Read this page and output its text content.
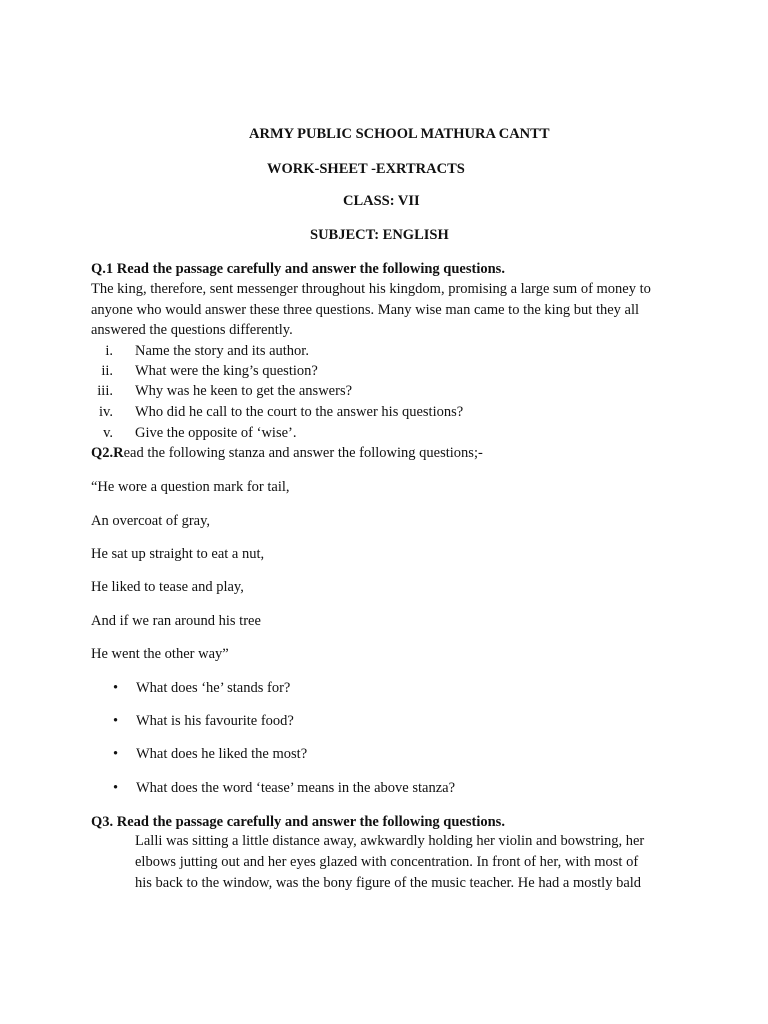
ARMY PUBLIC SCHOOL MATHURA CANTT
WORK-SHEET -EXRTRACTS
CLASS: VII
SUBJECT: ENGLISH
Q.1 Read the passage carefully and answer the following questions.
The king, therefore, sent messenger throughout his kingdom, promising a large sum of money to
anyone who would answer these three questions. Many wise man came to the king but they all
answered the questions differently.
i. Name the story and its author.
ii. What were the king’s question?
iii. Why was he keen to get the answers?
iv. Who did he call to the court to the answer his questions?
v. Give the opposite of ‘wise’.
Q2.Read the following stanza and answer the following questions;-
“He wore a question mark for tail,
An overcoat of gray,
He sat up straight to eat a nut,
He liked to tease and play,
And if we ran around his tree
He went the other way”
• What does ‘he’ stands for?
• What is his favourite food?
• What does he liked the most?
• What does the word ‘tease’ means in the above stanza?
Q3. Read the passage carefully and answer the following questions.
Lalli was sitting a little distance away, awkwardly holding her violin and bowstring, her
elbows jutting out and her eyes glazed with concentration. In front of her, with most of
his back to the window, was the bony figure of the music teacher. He had a mostly bald
